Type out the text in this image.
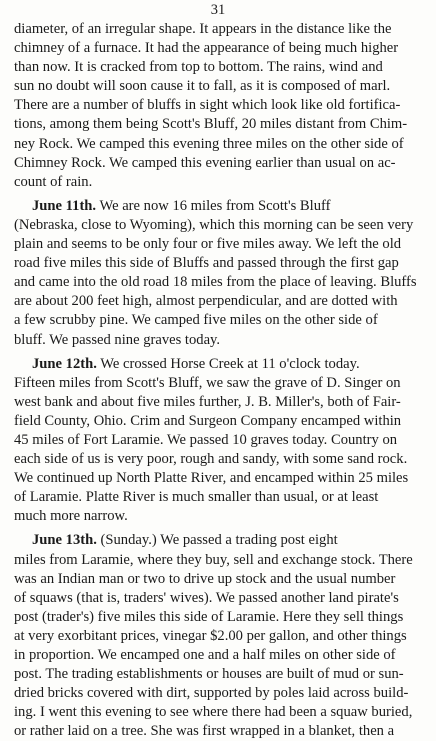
31
diameter, of an irregular shape. It appears in the distance like the
chimney of a furnace. It had the appearance of being much higher
than now. It is cracked from top to bottom. The rains, wind and
sun no doubt will soon cause it to fall, as it is composed of marl.
There are a number of bluffs in sight which look like old fortifica-
tions, among them being Scott's Bluff, 20 miles distant from Chim-
ney Rock. We camped this evening three miles on the other side of
Chimney Rock. We camped this evening earlier than usual on ac-
count of rain.
June 11th. We are now 16 miles from Scott's Bluff
(Nebraska, close to Wyoming), which this morning can be seen very
plain and seems to be only four or five miles away. We left the old
road five miles this side of Bluffs and passed through the first gap
and came into the old road 18 miles from the place of leaving. Bluffs
are about 200 feet high, almost perpendicular, and are dotted with
a few scrubby pine. We camped five miles on the other side of
bluff. We passed nine graves today.
June 12th. We crossed Horse Creek at 11 o'clock today.
Fifteen miles from Scott's Bluff, we saw the grave of D. Singer on
west bank and about five miles further, J. B. Miller's, both of Fair-
field County, Ohio. Crim and Surgeon Company encamped within
45 miles of Fort Laramie. We passed 10 graves today. Country on
each side of us is very poor, rough and sandy, with some sand rock.
We continued up North Platte River, and encamped within 25 miles
of Laramie. Platte River is much smaller than usual, or at least
much more narrow.
June 13th. (Sunday.) We passed a trading post eight
miles from Laramie, where they buy, sell and exchange stock. There
was an Indian man or two to drive up stock and the usual number
of squaws (that is, traders' wives). We passed another land pirate's
post (trader's) five miles this side of Laramie. Here they sell things
at very exorbitant prices, vinegar $2.00 per gallon, and other things
in proportion. We encamped one and a half miles on other side of
post. The trading establishments or houses are built of mud or sun-
dried bricks covered with dirt, supported by poles laid across build-
ing. I went this evening to see where there had been a squaw buried,
or rather laid on a tree. She was first wrapped in a blanket, then a
